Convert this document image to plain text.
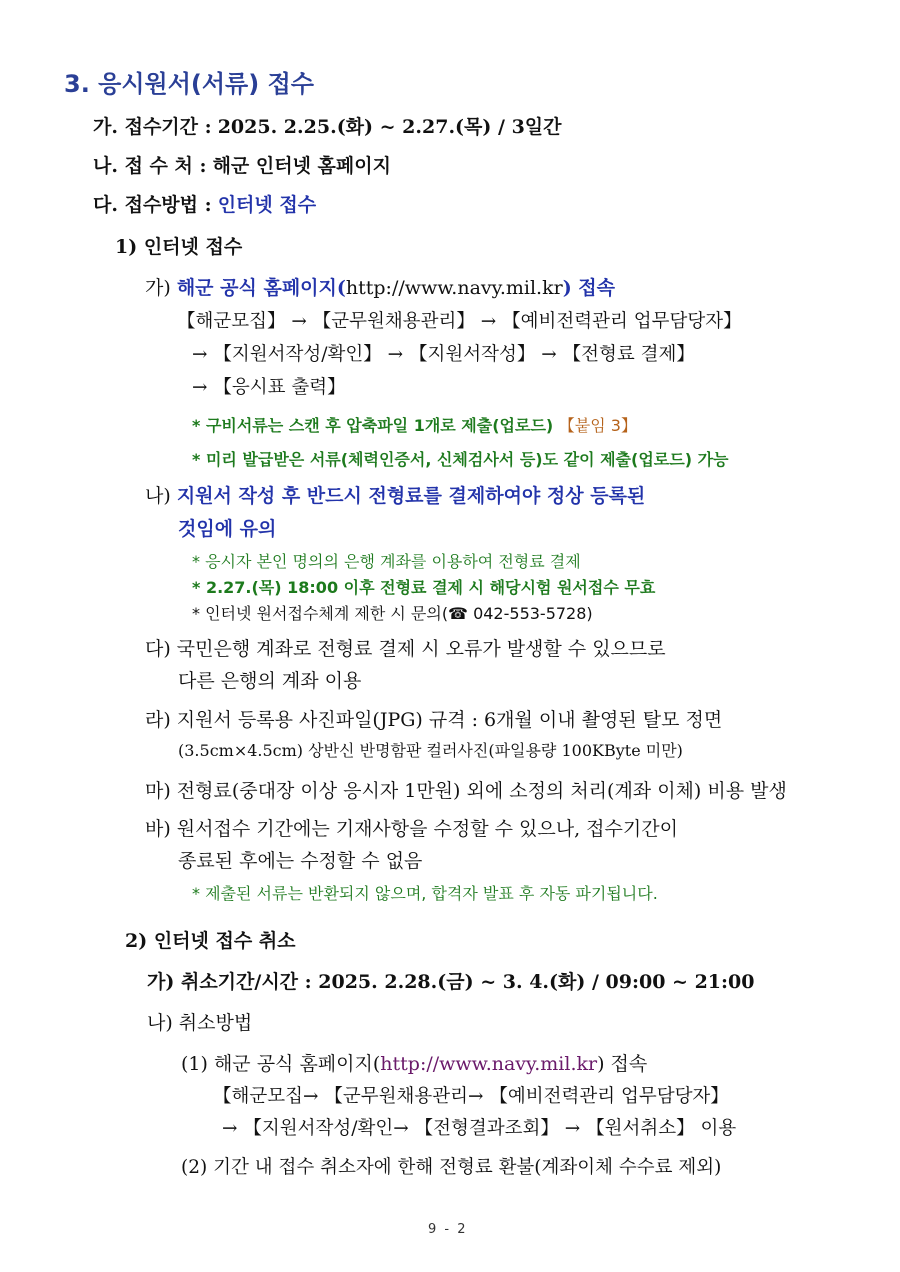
3. 응시원서(서류) 접수
가. 접수기간 : 2025. 2.25.(화) ~ 2.27.(목) / 3일간
나. 접 수 처 : 해군 인터넷 홈페이지
다. 접수방법 : 인터넷 접수
1) 인터넷 접수
가) 해군 공식 홈페이지(http://www.navy.mil.kr) 접속
【해군모집】 → 【군무원채용관리】 → 【예비전력관리 업무담당자】
→ 【지원서작성/확인】 → 【지원서작성】 → 【전형료 결제】
→ 【응시표 출력】
* 구비서류는 스캔 후 압축파일 1개로 제출(업로드) 【붙임 3】
* 미리 발급받은 서류(체력인증서, 신체검사서 등)도 같이 제출(업로드) 가능
나) 지원서 작성 후 반드시 전형료를 결제하여야 정상 등록된
것임에 유의
* 응시자 본인 명의의 은행 계좌를 이용하여 전형료 결제
* 2.27.(목) 18:00 이후 전형료 결제 시 해당시험 원서접수 무효
* 인터넷 원서접수체계 제한 시 문의(☎ 042-553-5728)
다) 국민은행 계좌로 전형료 결제 시 오류가 발생할 수 있으므로
다른 은행의 계좌 이용
라) 지원서 등록용 사진파일(JPG) 규격 : 6개월 이내 촬영된 탈모 정면
(3.5cm×4.5cm) 상반신 반명함판 컬러사진(파일용량 100KByte 미만)
마) 전형료(중대장 이상 응시자 1만원) 외에 소정의 처리(계좌 이체) 비용 발생
바) 원서접수 기간에는 기재사항을 수정할 수 있으나, 접수기간이
종료된 후에는 수정할 수 없음
* 제출된 서류는 반환되지 않으며, 합격자 발표 후 자동 파기됩니다.
2) 인터넷 접수 취소
가) 취소기간/시간 : 2025. 2.28.(금) ~ 3. 4.(화) / 09:00 ~ 21:00
나) 취소방법
(1) 해군 공식 홈페이지(http://www.navy.mil.kr) 접속
【해군모집→ 【군무원채용관리→ 【예비전력관리 업무담당자】
→ 【지원서작성/확인→ 【전형결과조회】 → 【원서취소】 이용
(2) 기간 내 접수 취소자에 한해 전형료 환불(계좌이체 수수료 제외)
9 - 2
